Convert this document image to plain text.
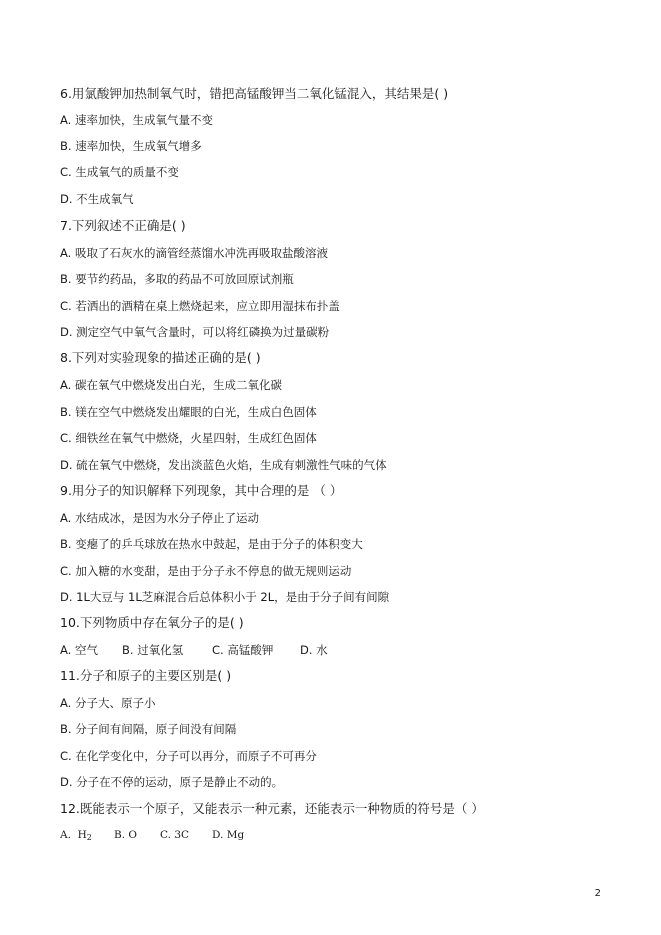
6.用氯酸钾加热制氧气时，错把高锰酸钾当二氧化锰混入，其结果是( )
A. 速率加快，生成氧气量不变
B. 速率加快，生成氧气增多
C. 生成氧气的质量不变
D. 不生成氧气
7.下列叙述不正确是( )
A. 吸取了石灰水的滴管经蒸馏水冲洗再吸取盐酸溶液
B. 要节约药品，多取的药品不可放回原试剂瓶
C. 若洒出的酒精在桌上燃烧起来，应立即用湿抹布扑盖
D. 测定空气中氧气含量时，可以将红磷换为过量碳粉
8.下列对实验现象的描述正确的是( )
A. 碳在氧气中燃烧发出白光，生成二氧化碳
B. 镁在空气中燃烧发出耀眼的白光，生成白色固体
C. 细铁丝在氧气中燃烧，火星四射，生成红色固体
D. 硫在氧气中燃烧，发出淡蓝色火焰，生成有刺激性气味的气体
9.用分子的知识解释下列现象，其中合理的是 （ ）
A. 水结成冰，是因为水分子停止了运动
B. 变瘪了的乒乓球放在热水中鼓起，是由于分子的体积变大
C. 加入糖的水变甜，是由于分子永不停息的做无规则运动
D. 1L大豆与 1L芝麻混合后总体积小于 2L，是由于分子间有间隙
10.下列物质中存在氧分子的是( )
A. 空气 B. 过氧化氢	C. 高锰酸钾 D. 水
11.分子和原子的主要区别是( )
A. 分子大、原子小
B. 分子间有间隔，原子间没有间隔
C. 在化学变化中，分子可以再分，而原子不可再分
D. 分子在不停的运动，原子是静止不动的。
12.既能表示一个原子，又能表示一种元素，还能表示一种物质的符号是（ ）
A. $H_2$ B. O C. 3C D. Mg
2
